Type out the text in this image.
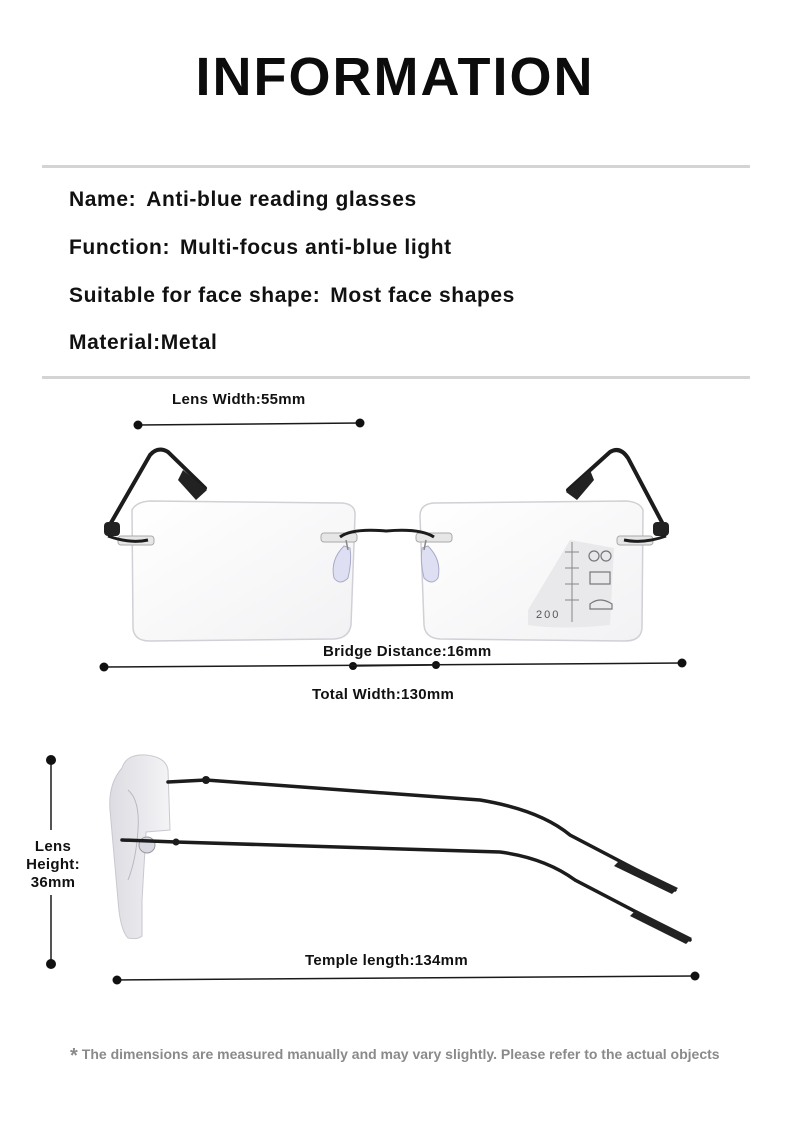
INFORMATION
Name: Anti-blue reading glasses
Function: Multi-focus anti-blue light
Suitable for face shape: Most face shapes
Material:Metal
200
Lens Width:55mm
Bridge Distance:16mm
Total Width:130mm
Lens
Height:
36mm
Temple length:134mm
* The dimensions are measured manually and may vary slightly. Please refer to the actual objects
